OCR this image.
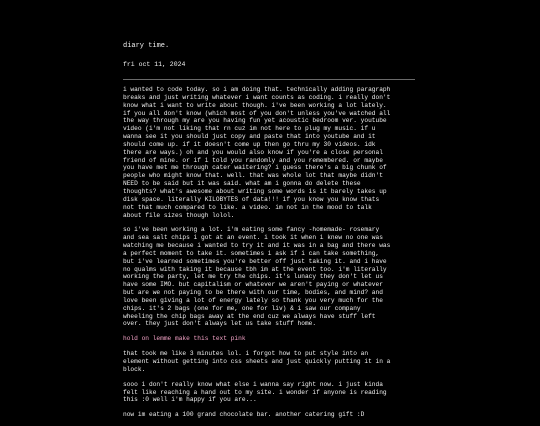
diary time.
fri oct 11, 2024

i wanted to code today. so i am doing that. technically adding paragraph
breaks and just writing whatever i want counts as coding. i really don't
know what i want to write about though. i've been working a lot lately.
if you all don't know (which most of you don't unless you've watched all
the way through my are you having fun yet acoustic bedroom ver. youtube
video (i'm not liking that rn cuz im not here to plug my music. if u
wanna see it you should just copy and paste that into youtube and it
should come up. if it doesn't come up then go thru my 30 videos. idk
there are ways.) oh and you would also know if you're a close personal
friend of mine. or if i told you randomly and you remembered. or maybe
you have met me through cater waitering? i guess there's a big chunk of
people who might know that. well. that was whole lot that maybe didn't
NEED to be said but it was said. what am i gonna do delete these
thoughts? what's awesome about writing some words is it barely takes up
disk space. literally KILOBYTES of data!!! if you know you know thats
not that much compared to like. a video. im not in the mood to talk
about file sizes though lolol.

so i've been working a lot. i'm eating some fancy -homemade- rosemary
and sea salt chips i got at an event. i took it when i knew no one was
watching me because i wanted to try it and it was in a bag and there was
a perfect moment to take it. sometimes i ask if i can take something,
but i've learned sometimes you're better off just taking it. and i have
no qualms with taking it because tbh im at the event too. i'm literally
working the party, let me try the chips. it's lunacy they don't let us
have some IMO. but capitalism or whatever we aren't paying or whatever
but are we not paying to be there with our time, bodies, and mind? and
love been giving a lot of energy lately so thank you very much for the
chips. it's 2 bags (one for me, one for liv) & i saw our company
wheeling the chip bags away at the end cuz we always have stuff left
over. they just don't always let us take stuff home.

hold on lemme make this text pink

that took me like 3 minutes lol. i forgot how to put style into an
element without getting into css sheets and just quickly putting it in a
block.

sooo i don't really know what else i wanna say right now. i just kinda
felt like reaching a hand out to my site. i wonder if anyone is reading
this :0 well i'm happy if you are...

now im eating a 100 grand chocolate bar. another catering gift :D
